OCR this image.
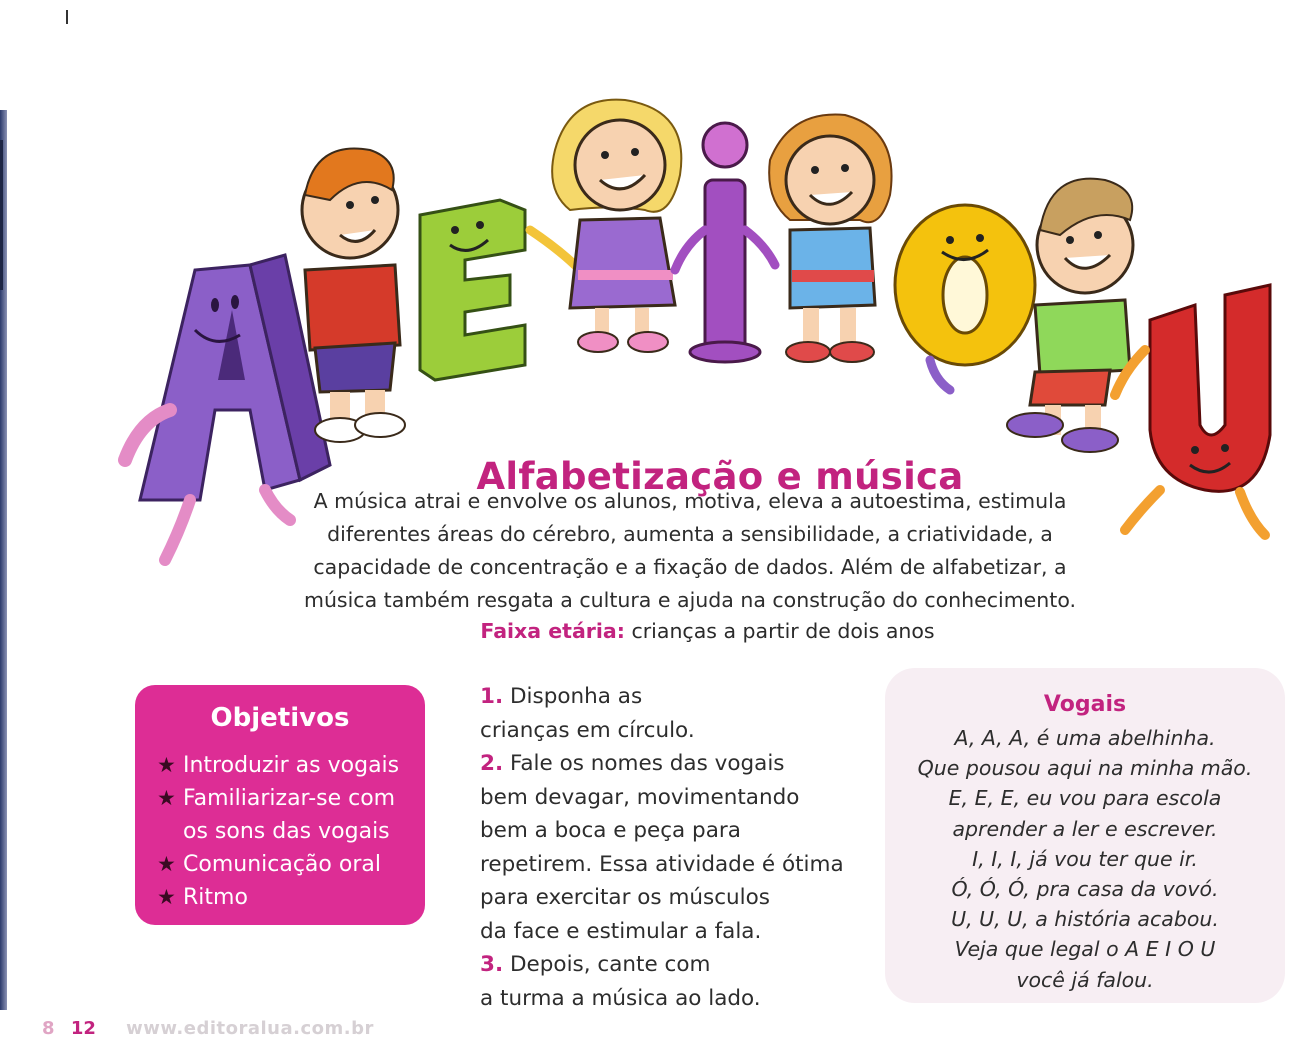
Alfabetização e música
A música atrai e envolve os alunos, motiva, eleva a autoestima, estimula
diferentes áreas do cérebro, aumenta a sensibilidade, a criatividade, a
capacidade de concentração e a fixação de dados. Além de alfabetizar, a
música também resgata a cultura e ajuda na construção do conhecimento.
Faixa etária: crianças a partir de dois anos
Objetivos
★ Introduzir as vogais
★ Familiarizar-se com
os sons das vogais
★ Comunicação oral
★ Ritmo
1. Disponha as
crianças em círculo.
2. Fale os nomes das vogais
bem devagar, movimentando
bem a boca e peça para
repetirem. Essa atividade é ótima
para exercitar os músculos
da face e estimular a fala.
3. Depois, cante com
a turma a música ao lado.
Vogais
A, A, A, é uma abelhinha.
Que pousou aqui na minha mão.
E, E, E, eu vou para escola
aprender a ler e escrever.
I, I, I, já vou ter que ir.
Ó, Ó, Ó, pra casa da vovó.
U, U, U, a história acabou.
Veja que legal o A E I O U
você já falou.
8 12 www.editoralua.com.br
